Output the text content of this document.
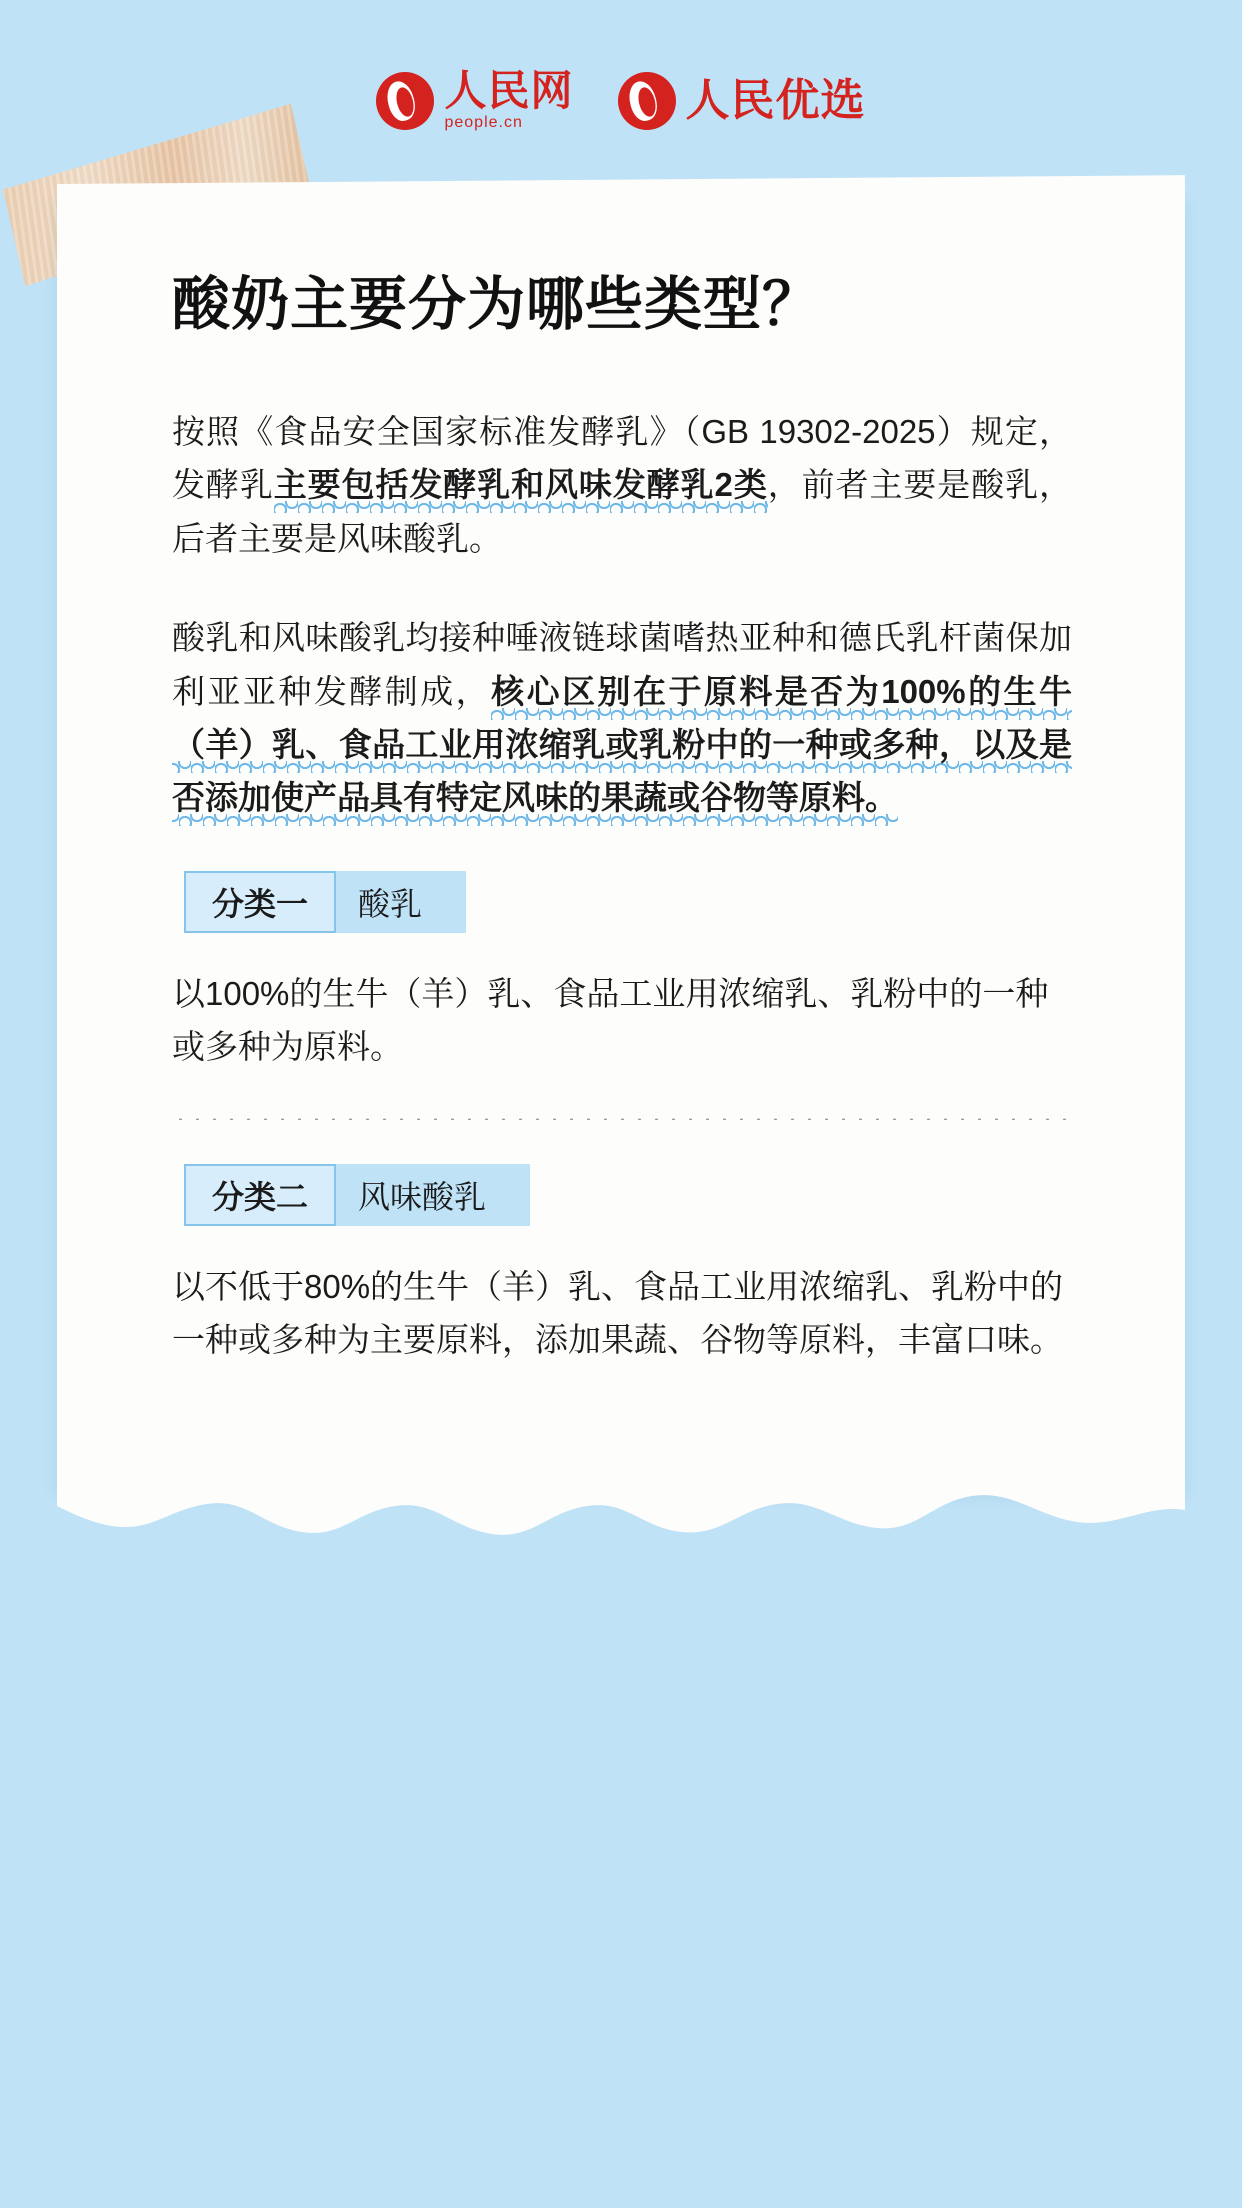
人民网
people.cn	人民优选
酸奶主要分为哪些类型？

按照《食品安全国家标准发酵乳》（GB 19302-2025）规定，发酵乳主要包括发酵乳和风味发酵乳2类，前者主要是酸乳，后者主要是风味酸乳。

酸乳和风味酸乳均接种唾液链球菌嗜热亚种和德氏乳杆菌保加利亚亚种发酵制成，核心区别在于原料是否为100%的生牛（羊）乳、食品工业用浓缩乳或乳粉中的一种或多种，以及是否添加使产品具有特定风味的果蔬或谷物等原料。

分类一	酸乳

以100%的生牛（羊）乳、食品工业用浓缩乳、乳粉中的一种或多种为原料。

分类二	风味酸乳

以不低于80%的生牛（羊）乳、食品工业用浓缩乳、乳粉中的一种或多种为主要原料，添加果蔬、谷物等原料，丰富口味。
